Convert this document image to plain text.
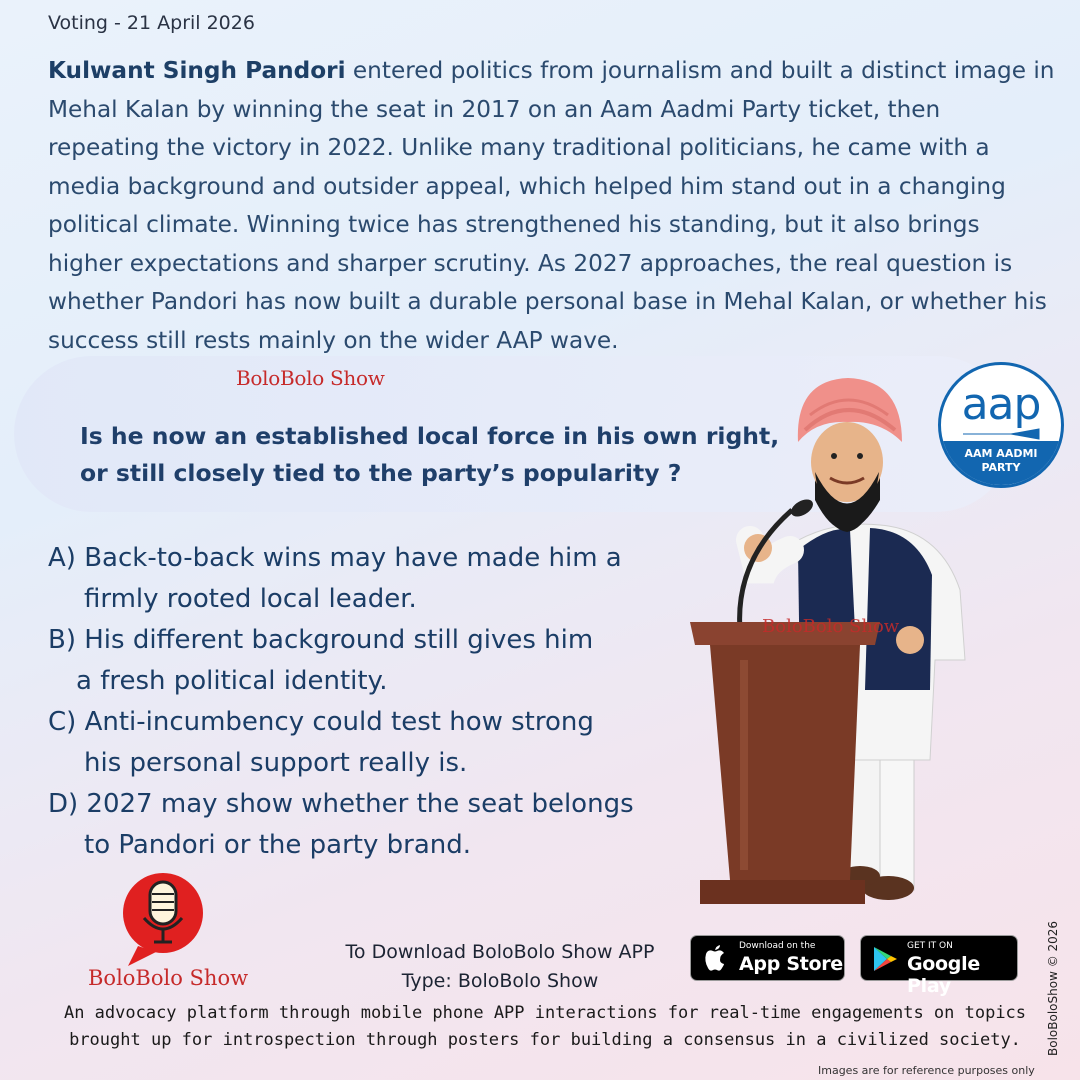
Voting - 21 April 2026

Kulwant Singh Pandori entered politics from journalism and built a distinct image in Mehal Kalan by winning the seat in 2017 on an Aam Aadmi Party ticket, then repeating the victory in 2022. Unlike many traditional politicians, he came with a media background and outsider appeal, which helped him stand out in a changing political climate. Winning twice has strengthened his standing, but it also brings higher expectations and sharper scrutiny. As 2027 approaches, the real question is whether Pandori has now built a durable personal base in Mehal Kalan, or whether his success still rests mainly on the wider AAP wave.

BoloBolo Show
Is he now an established local force in his own right,
or still closely tied to the party’s popularity ?
A) Back-to-back wins may have made him a
firmly rooted local leader.
B) His different background still gives him
a fresh political identity.
C) Anti-incumbency could test how strong
his personal support really is.
D) 2027 may show whether the seat belongs
to Pandori or the party brand.
BoloBolo Show
aap
AAM AADMI
PARTY
BoloBolo Show
To Download BoloBolo Show APP
Type: BoloBolo Show
Download on the
App Store
GET IT ON
Google Play
An advocacy platform through mobile phone APP interactions for real-time engagements on topics
brought up for introspection through posters for building a consensus in a civilized society.	BoloBoloShow © 2026
Images are for reference purposes only
